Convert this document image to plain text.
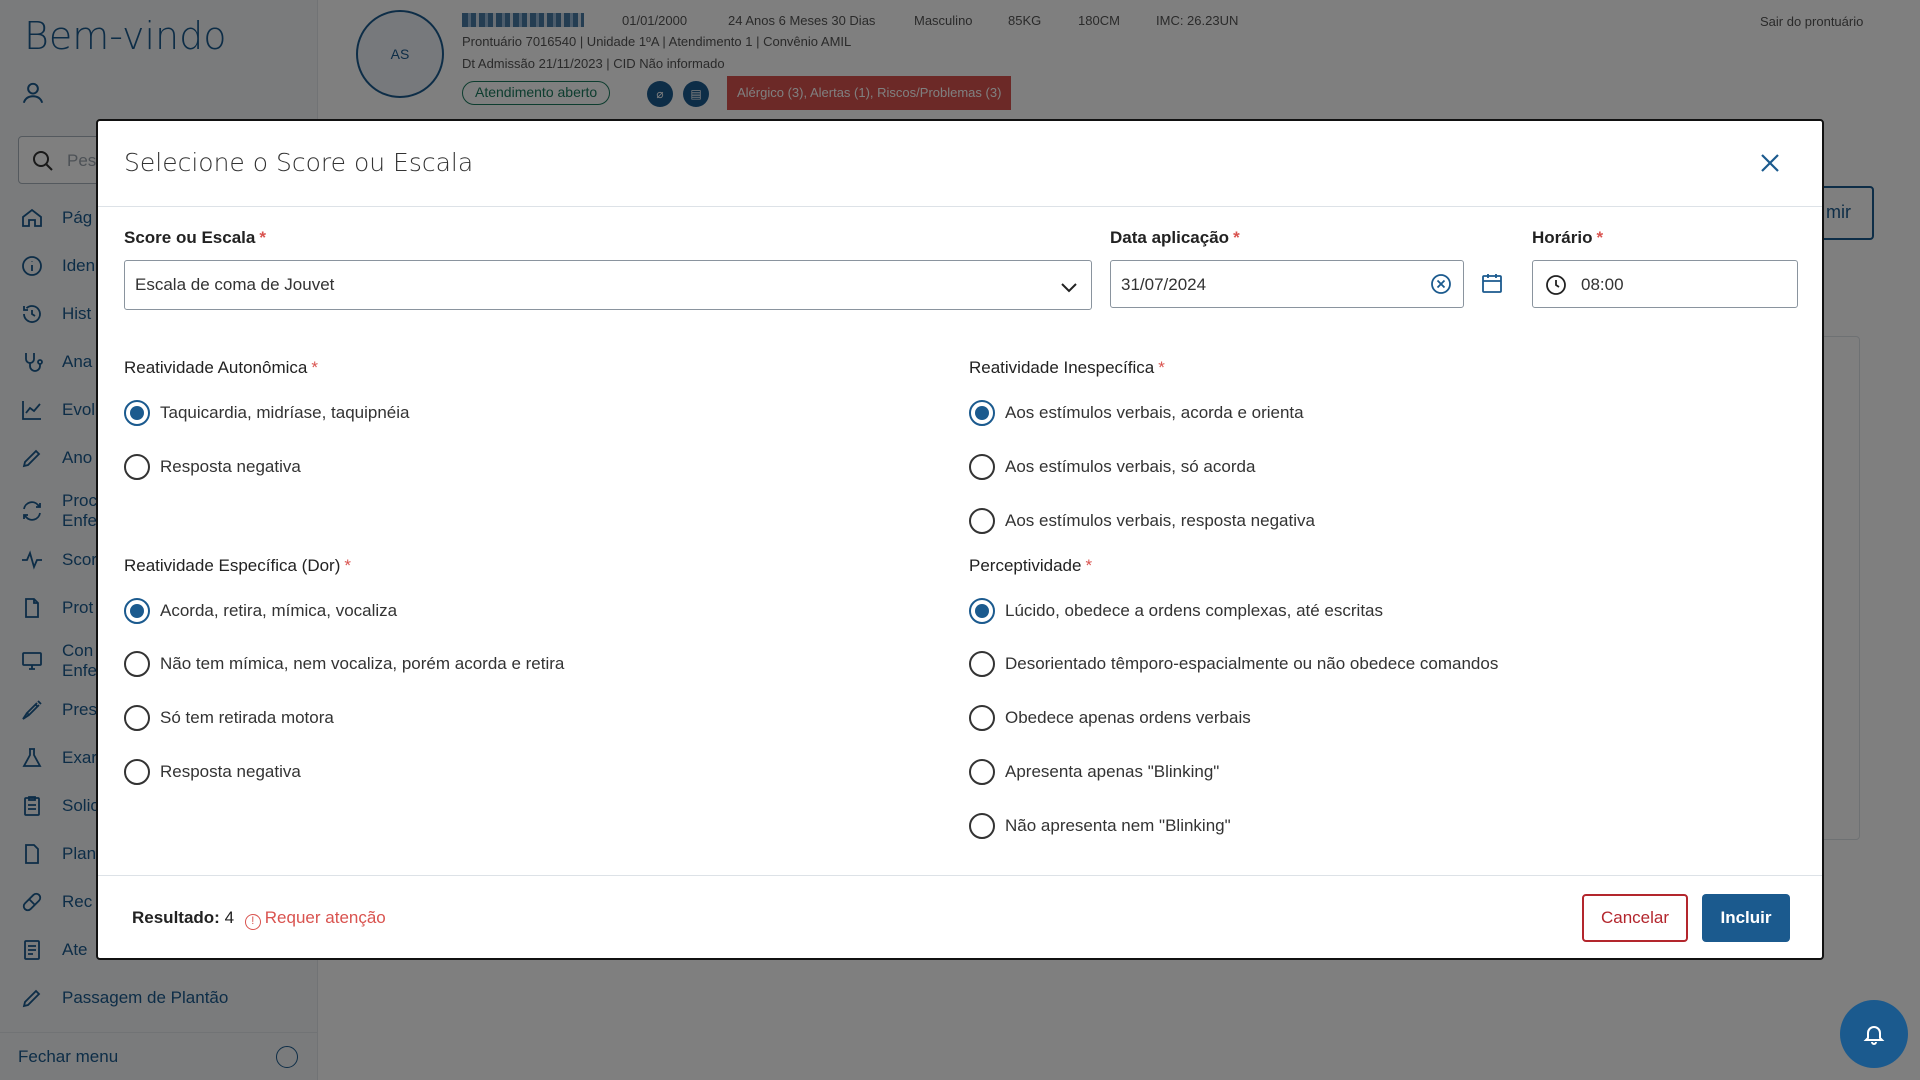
Selecione o Score ou Escala
Score ou Escala *
Escala de coma de Jouvet
Data aplicação *
31/07/2024
Horário *
08:00
Reatividade Autonômica *
Taquicardia, midríase, taquipnéia
Resposta negativa
Reatividade Inespecífica *
Aos estímulos verbais, acorda e orienta
Aos estímulos verbais, só acorda
Aos estímulos verbais, resposta negativa
Reatividade Específica (Dor) *
Acorda, retira, mímica, vocaliza
Não tem mímica, nem vocaliza, porém acorda e retira
Só tem retirada motora
Resposta negativa
Perceptividade *
Lúcido, obedece a ordens complexas, até escritas
Desorientado têmporo-espacialmente ou não obedece comandos
Obedece apenas ordens verbais
Apresenta apenas "Blinking"
Não apresenta nem "Blinking"
Resultado: 4 ! Requer atenção	Cancelar	Incluir
